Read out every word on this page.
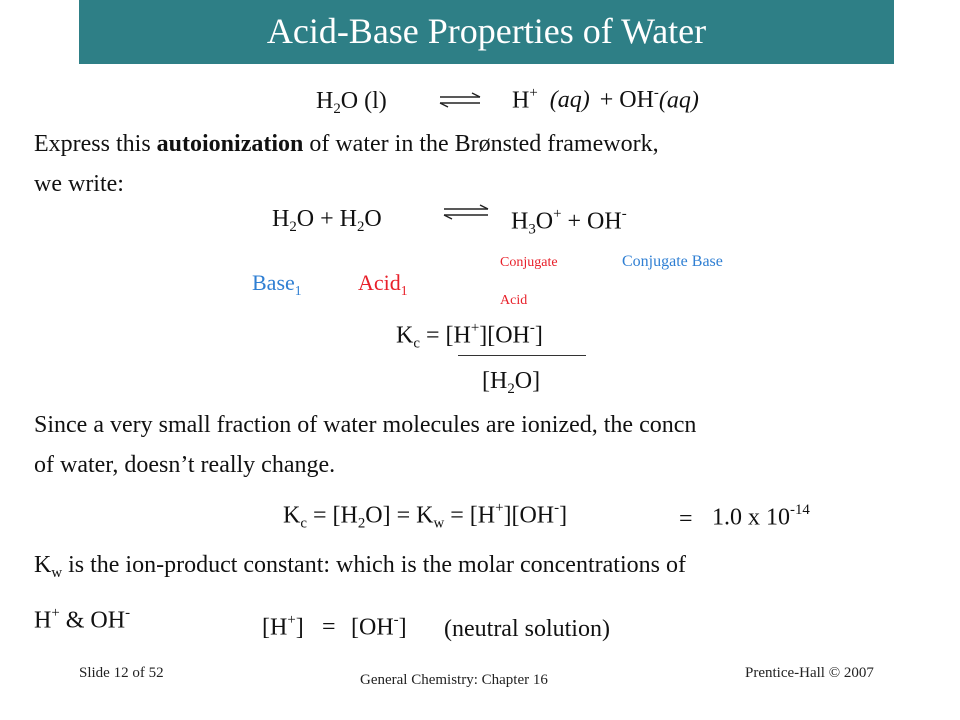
Acid-Base Properties of Water
$H_2O$ (l)	H+ (aq) + OH-(aq)
Express this autoionization of water in the Brønsted framework,
we write:
$H_2O + H_2O$	⇌ $H_3O^+ + OH^-$
Base$_1$	Acid$_1$
Conjugate
Acid
Conjugate Base
$K_c = [H^+][OH^-]$
$[H_2O]$
Since a very small fraction of water molecules are ionized, the concn
of water, doesn’t really change.
$K_c = [H_2O] = K_w = [H^+][OH^-]$	= 1.0 x $10^{-14}$
$K_w$ is the ion-product constant: which is the molar concentrations of
H+ & OH-
[H+] = [OH-] (neutral solution)
Slide 12 of 52	General Chemistry: Chapter 16	Prentice-Hall © 2007
